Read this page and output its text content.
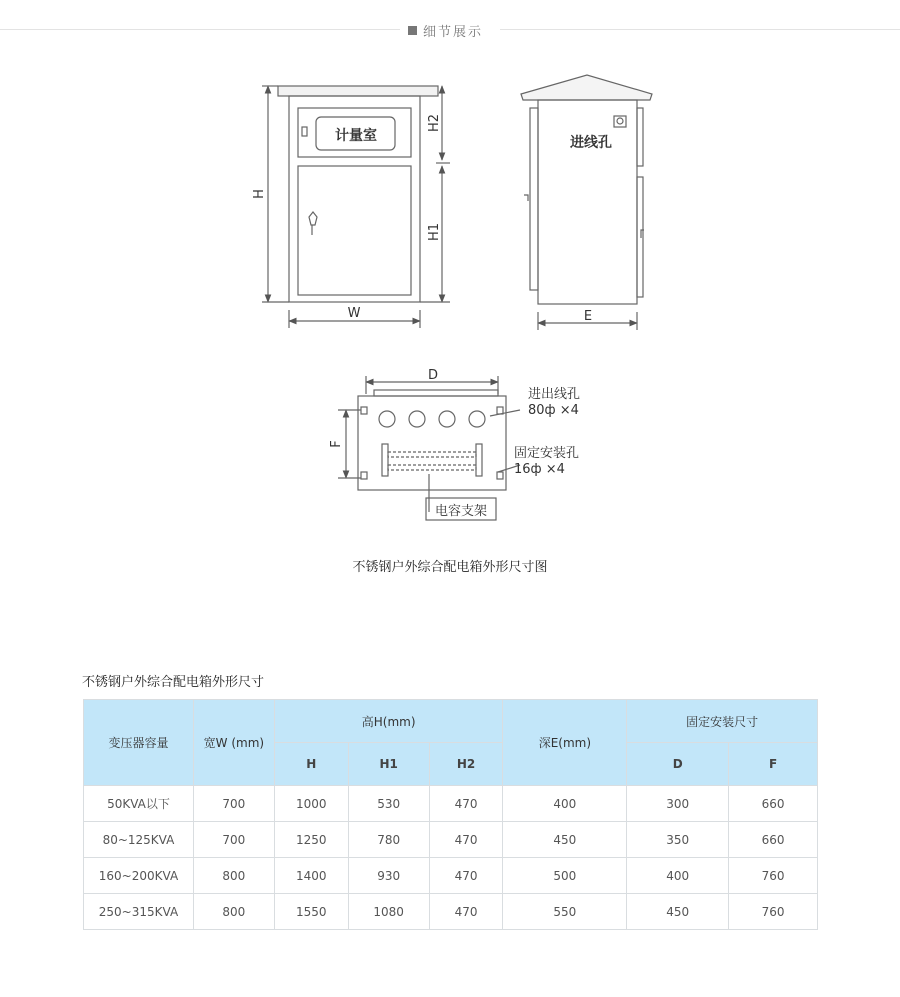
细节展示
计量室
H
H2
H1
W
进线孔
E
D
F
进出线孔
80ф ×4
固定安装孔
16ф ×4
电容支架
不锈钢户外综合配电箱外形尺寸图
不锈钢户外综合配电箱外形尺寸
变压器容量	宽W (mm)	高H(mm)			深E(mm)	固定安装尺寸	
		H	H1	H2		D	F
50KVA以下	700	1000	530	470	400	300	660
80~125KVA	700	1250	780	470	450	350	660
160~200KVA	800	1400	930	470	500	400	760
250~315KVA	800	1550	1080	470	550	450	760
